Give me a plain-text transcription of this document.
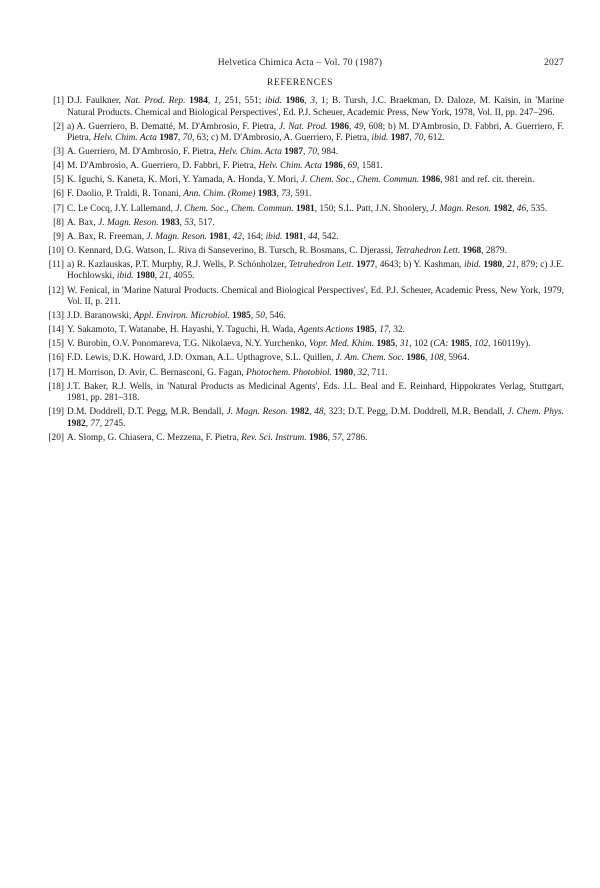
Helvetica Chimica Acta – Vol. 70 (1987)	2027
REFERENCES
[1] D.J. Faulkner, Nat. Prod. Rep. 1984, 1, 251, 551; ibid. 1986, 3, 1; B. Tursh, J.C. Braekman, D. Daloze, M. Kaisin, in 'Marine Natural Products. Chemical and Biological Perspectives', Ed. P.J. Scheuer, Academic Press, New York, 1978, Vol. II, pp. 247–296.
[2] a) A. Guerriero, B. Dematté, M. D'Ambrosio, F. Pietra, J. Nat. Prod. 1986, 49, 608; b) M. D'Ambrosio, D. Fabbri, A. Guerriero, F. Pietra, Helv. Chim. Acta 1987, 70, 63; c) M. D'Ambrosio, A. Guerriero, F. Pietra, ibid. 1987, 70, 612.
[3] A. Guerriero, M. D'Ambrosio, F. Pietra, Helv. Chim. Acta 1987, 70, 984.
[4] M. D'Ambrosio, A. Guerriero, D. Fabbri, F. Pietra, Helv. Chim. Acta 1986, 69, 1581.
[5] K. Iguchi, S. Kaneta, K. Mori, Y. Yamada, A. Honda, Y. Mori, J. Chem. Soc., Chem. Commun. 1986, 981 and ref. cit. therein.
[6] F. Daolio, P. Traldi, R. Tonani, Ann. Chim. (Rome) 1983, 73, 591.
[7] C. Le Cocq, J.Y. Lallemand, J. Chem. Soc., Chem. Commun. 1981, 150; S.L. Patt, J.N. Shoolery, J. Magn. Reson. 1982, 46, 535.
[8] A. Bax, J. Magn. Reson. 1983, 53, 517.
[9] A. Bax, R. Freeman, J. Magn. Reson. 1981, 42, 164; ibid. 1981, 44, 542.
[10] O. Kennard, D.G. Watson, L. Riva di Sanseverino, B. Tursch, R. Bosmans, C. Djerassi, Tetrahedron Lett. 1968, 2879.
[11] a) R. Kazlauskas, P.T. Murphy, R.J. Wells, P. Schönholzer, Tetrahedron Lett. 1977, 4643; b) Y. Kashman, ibid. 1980, 21, 879; c) J.E. Hochlowski, ibid. 1980, 21, 4055.
[12] W. Fenical, in 'Marine Natural Products. Chemical and Biological Perspectives', Ed. P.J. Scheuer, Academic Press, New York, 1979, Vol. II, p. 211.
[13] J.D. Baranowski, Appl. Environ. Microbiol. 1985, 50, 546.
[14] Y. Sakamoto, T. Watanabe, H. Hayashi, Y. Taguchi, H. Wada, Agents Actions 1985, 17, 32.
[15] V. Burobin, O.V. Ponomareva, T.G. Nikolaeva, N.Y. Yurchenko, Vopr. Med. Khim. 1985, 31, 102 (CA: 1985, 102, 160119y).
[16] F.D. Lewis, D.K. Howard, J.D. Oxman, A.L. Upthagrove, S.L. Quillen, J. Am. Chem. Soc. 1986, 108, 5964.
[17] H. Morrison, D. Avir, C. Bernasconi, G. Fagan, Photochem. Photobiol. 1980, 32, 711.
[18] J.T. Baker, R.J. Wells, in 'Natural Products as Medicinal Agents', Eds. J.L. Beal and E. Reinhard, Hippokrates Verlag, Stuttgart, 1981, pp. 281–318.
[19] D.M. Doddrell, D.T. Pegg, M.R. Bendall, J. Magn. Reson. 1982, 48, 323; D.T. Pegg, D.M. Doddrell, M.R. Bendall, J. Chem. Phys. 1982, 77, 2745.
[20] A. Slomp, G. Chiasera, C. Mezzena, F. Pietra, Rev. Sci. Instrum. 1986, 57, 2786.
